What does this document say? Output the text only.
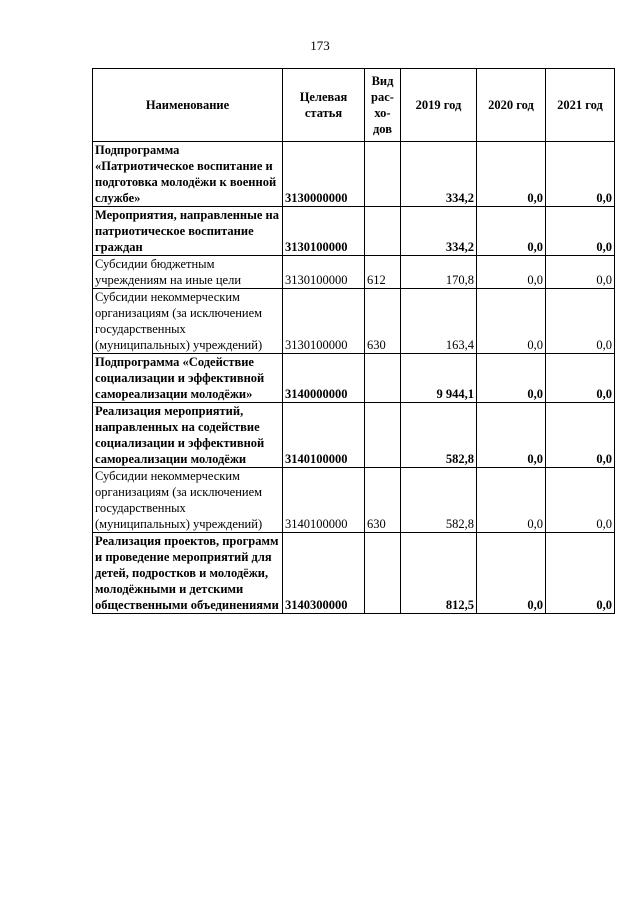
173
Наименование	Целевая статья	Вид рас-хо-дов	2019 год	2020 год	2021 год
Подпрограмма «Патриотическое воспитание и подготовка молодёжи к военной службе»	3130000000		334,2	0,0	0,0
Мероприятия, направленные на патриотическое воспитание граждан	3130100000		334,2	0,0	0,0
Субсидии бюджетным учреждениям на иные цели	3130100000	612	170,8	0,0	0,0
Субсидии некоммерческим организациям (за исключением государственных (муниципальных) учреждений)	3130100000	630	163,4	0,0	0,0
Подпрограмма «Содействие социализации и эффективной самореализации молодёжи»	3140000000		9 944,1	0,0	0,0
Реализация мероприятий, направленных на содействие социализации и эффективной самореализации молодёжи	3140100000		582,8	0,0	0,0
Субсидии некоммерческим организациям (за исключением государственных (муниципальных) учреждений)	3140100000	630	582,8	0,0	0,0
Реализация проектов, программ и проведение мероприятий для детей, подростков и молодёжи, молодёжными и детскими общественными объединениями	3140300000		812,5	0,0	0,0
